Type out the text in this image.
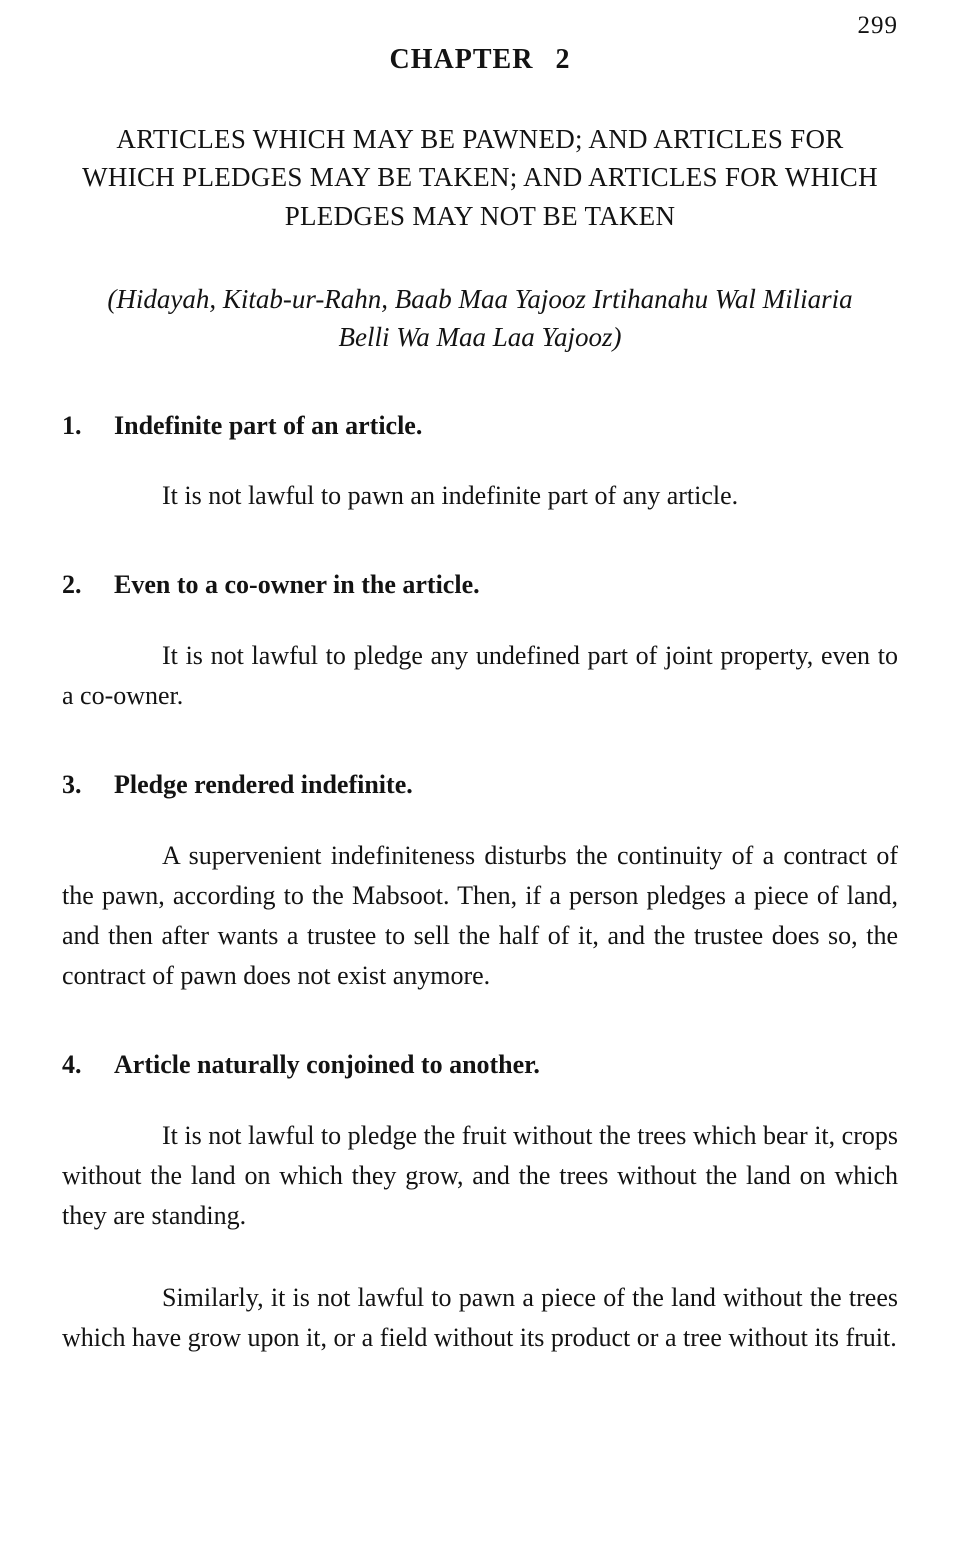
299
CHAPTER 2
ARTICLES WHICH MAY BE PAWNED; AND ARTICLES FOR WHICH PLEDGES MAY BE TAKEN; AND ARTICLES FOR WHICH PLEDGES MAY NOT BE TAKEN
(Hidayah, Kitab-ur-Rahn, Baab Maa Yajooz Irtihanahu Wal Miliaria Belli Wa Maa Laa Yajooz)
1.	Indefinite part of an article.

It is not lawful to pawn an indefinite part of any article.

2.	Even to a co-owner in the article.

It is not lawful to pledge any undefined part of joint property, even to a co-owner.

3.	Pledge rendered indefinite.

A supervenient indefiniteness disturbs the continuity of a contract of the pawn, according to the Mabsoot. Then, if a person pledges a piece of land, and then after wants a trustee to sell the half of it, and the trustee does so, the contract of pawn does not exist anymore.

4.	Article naturally conjoined to another.

It is not lawful to pledge the fruit without the trees which bear it, crops without the land on which they grow, and the trees without the land on which they are standing.

Similarly, it is not lawful to pawn a piece of the land without the trees which have grow upon it, or a field without its product or a tree without its fruit.
